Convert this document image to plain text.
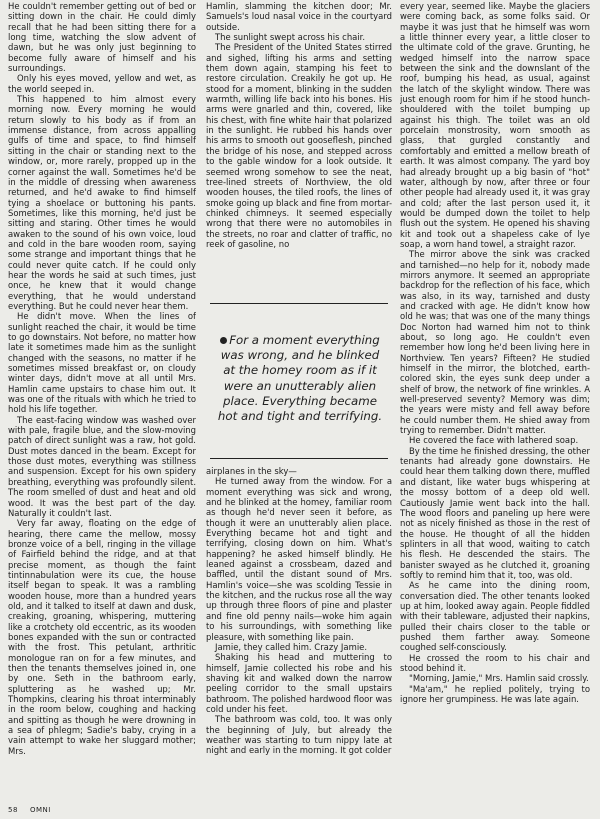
He couldn't remember getting out of bed or sitting down in the chair. He could dimly recall that he had been sitting there for a long time, watching the slow advent of dawn, but he was only just beginning to become fully aware of himself and his surroundings.

Only his eyes moved, yellow and wet, as the world seeped in.

This happened to him almost every morning now. Every morning he would return slowly to his body as if from an immense distance, from across appalling gulfs of time and space, to find himself sitting in the chair or standing next to the window, or, more rarely, propped up in the corner against the wall. Sometimes he'd be in the middle of dressing when awareness returned, and he'd awake to find himself tying a shoelace or buttoning his pants. Sometimes, like this morning, he'd just be sitting and staring. Other times he would awaken to the sound of his own voice, loud and cold in the bare wooden room, saying some strange and important things that he could never quite catch. If he could only hear the words he said at such times, just once, he knew that it would change everything, that he would understand everything. But he could never hear them.

He didn't move. When the lines of sunlight reached the chair, it would be time to go downstairs. Not before, no matter how late it sometimes made him as the sunlight changed with the seasons, no matter if he sometimes missed breakfast or, on cloudy winter days, didn't move at all until Mrs. Hamlin came upstairs to chase him out. It was one of the rituals with which he tried to hold his life together.

The east-facing window was washed over with pale, fragile blue, and the slow-moving patch of direct sunlight was a raw, hot gold. Dust motes danced in the beam. Except for those dust motes, everything was stillness and suspension. Except for his own spidery breathing, everything was profoundly silent. The room smelled of dust and heat and old wood. It was the best part of the day. Naturally it couldn't last.

Very far away, floating on the edge of hearing, there came the mellow, mossy bronze voice of a bell, ringing in the village of Fairfield behind the ridge, and at that precise moment, as though the faint tintinnabulation were its cue, the house itself began to speak. It was a rambling wooden house, more than a hundred years old, and it talked to itself at dawn and dusk, creaking, groaning, whispering, muttering like a crotchety old eccentric, as its wooden bones expanded with the sun or contracted with the frost. This petulant, arthritic monologue ran on for a few minutes, and then the tenants themselves joined in, one by one. Seth in the bathroom early, spluttering as he washed up; Mr. Thompkins, clearing his throat interminably in the room below, coughing and hacking and spitting as though he were drowning in a sea of phlegm; Sadie's baby, crying in a vain attempt to wake her sluggard mother; Mrs.

Hamlin, slamming the kitchen door; Mr. Samuels's loud nasal voice in the courtyard outside.

The sunlight swept across his chair.

The President of the United States stirred and sighed, lifting his arms and setting them down again, stamping his feet to restore circulation. Creakily he got up. He stood for a moment, blinking in the sudden warmth, willing life back into his bones. His arms were gnarled and thin, covered, like his chest, with fine white hair that polarized in the sunlight. He rubbed his hands over his arms to smooth out gooseflesh, pinched the bridge of his nose, and stepped across to the gable window for a look outside. It seemed wrong somehow to see the neat, tree-lined streets of Northview, the old wooden houses, the tiled roofs, the lines of smoke going up black and fine from mortar-chinked chimneys. It seemed especially wrong that there were no automobiles in the streets, no roar and clatter of traffic, no reek of gasoline, no

For a moment everything was wrong, and he blinked at the homey room as if it were an unutterably alien place. Everything became hot and tight and terrifying.

airplanes in the sky—

He turned away from the window. For a moment everything was sick and wrong, and he blinked at the homey, familiar room as though he'd never seen it before, as though it were an unutterably alien place. Everything became hot and tight and terrifying, closing down on him. What's happening? he asked himself blindly. He leaned against a crossbeam, dazed and baffled, until the distant sound of Mrs. Hamlin's voice—she was scolding Tessie in the kitchen, and the ruckus rose all the way up through three floors of pine and plaster and fine old penny nails—woke him again to his surroundings, with something like pleasure, with something like pain.

Jamie, they called him. Crazy Jamie.

Shaking his head and muttering to himself, Jamie collected his robe and his shaving kit and walked down the narrow peeling corridor to the small upstairs bathroom. The polished hardwood floor was cold under his feet.

The bathroom was cold, too. It was only the beginning of July, but already the weather was starting to turn nippy late at night and early in the morning. It got colder

every year, seemed like. Maybe the glaciers were coming back, as some folks said. Or maybe it was just that he himself was worn a little thinner every year, a little closer to the ultimate cold of the grave. Grunting, he wedged himself into the narrow space between the sink and the downslant of the roof, bumping his head, as usual, against the latch of the skylight window. There was just enough room for him if he stood hunch-shouldered with the toilet bumping up against his thigh. The toilet was an old porcelain monstrosity, worn smooth as glass, that gurgled constantly and comfortably and emitted a mellow breath of earth. It was almost company. The yard boy had already brought up a big basin of "hot" water, although by now, after three or four other people had already used it, it was gray and cold; after the last person used it, it would be dumped down the toilet to help flush out the system. He opened his shaving kit and took out a shapeless cake of lye soap, a worn hand towel, a straight razor.

The mirror above the sink was cracked and tarnished—no help for it, nobody made mirrors anymore. It seemed an appropriate backdrop for the reflection of his face, which was also, in its way, tarnished and dusty and cracked with age. He didn't know how old he was; that was one of the many things Doc Norton had warned him not to think about, so long ago. He couldn't even remember how long he'd been living here in Northview. Ten years? Fifteen? He studied himself in the mirror, the blotched, earth-colored skin, the eyes sunk deep under a shelf of brow, the network of fine wrinkles. A well-preserved seventy? Memory was dim; the years were misty and fell away before he could number them. He shied away from trying to remember. Didn't matter.

He covered the face with lathered soap.

By the time he finished dressing, the other tenants had already gone downstairs. He could hear them talking down there, muffled and distant, like water bugs whispering at the mossy bottom of a deep old well. Cautiously Jamie went back into the hall. The wood floors and paneling up here were not as nicely finished as those in the rest of the house. He thought of all the hidden splinters in all that wood, waiting to catch his flesh. He descended the stairs. The banister swayed as he clutched it, groaning softly to remind him that it, too, was old.

As he came into the dining room, conversation died. The other tenants looked up at him, looked away again. People fiddled with their tableware, adjusted their napkins, pulled their chairs closer to the table or pushed them farther away. Someone coughed self-consciously.

He crossed the room to his chair and stood behind it.

"Morning, Jamie," Mrs. Hamlin said crossly.

"Ma'am," he replied politely, trying to ignore her grumpiness. He was late again.

58 OMNI
